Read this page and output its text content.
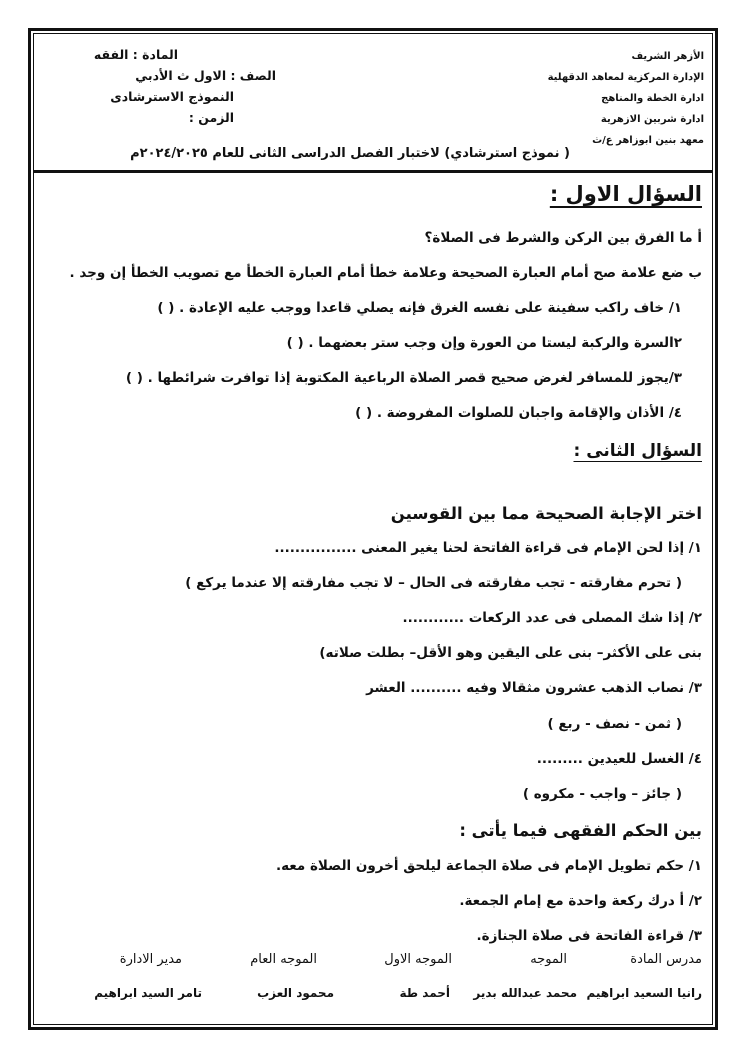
الأزهر الشريف
الإدارة المركزية لمعاهد الدقهلية
ادارة الخطة والمناهج
ادارة شربين الازهرية
معهد بنين ابوزاهر ع/ث
المادة : الفقه
الصف : الاول ث الأدبي
النموذج الاسترشادى
الزمن :
( نموذج استرشادي) لاختبار الفصل الدراسى الثانى للعام ٢٠٢٤/٢٠٢٥م
السؤال الاول :
أ ما الفرق بين الركن والشرط فى الصلاة؟
ب ضع علامة صح أمام العبارة الصحيحة وعلامة خطأ أمام العبارة الخطأ مع تصويب الخطأ إن وجد .
١/ خاف راكب سفينة على نفسه الغرق فإنه يصلي قاعدا ووجب عليه الإعادة . ( )
٢السرة والركبة ليستا من العورة وإن وجب ستر بعضهما . ( )
٣/يجوز للمسافر لغرض صحيح قصر الصلاة الرباعية المكتوبة إذا توافرت شرائطها . ( )
٤/ الأذان والإقامة واجبان للصلوات المفروضة . ( )
السؤال الثانى :
اختر الإجابة الصحيحة مما بين القوسين
١/ إذا لحن الإمام فى قراءة الفاتحة لحنا يغير المعنى ................
( تحرم مفارقته - تجب مفارقته فى الحال – لا تجب مفارقته إلا عندما يركع )
٢/ إذا شك المصلى فى عدد الركعات ............
بنى على الأكثر– بنى على اليقين وهو الأقل– بطلت صلاته)
٣/ نصاب الذهب عشرون مثقالا وفيه .......... العشر
( ثمن - نصف - ربع )
٤/ الغسل للعيدين .........
( جائز – واجب - مكروه )
بين الحكم الفقهى فيما يأتى :
١/ حكم تطويل الإمام فى صلاة الجماعة ليلحق أخرون الصلاة معه.
٢/ أ درك ركعة واحدة مع إمام الجمعة.
٣/ قراءة الفاتحة فى صلاة الجنازة.
مدرس المادة
الموجه
الموجه الاول
الموجه العام
مدير الادارة
رانيا السعيد ابراهيم
محمد عبدالله بدير
أحمد طة
محمود العزب
تامر السيد ابراهيم
